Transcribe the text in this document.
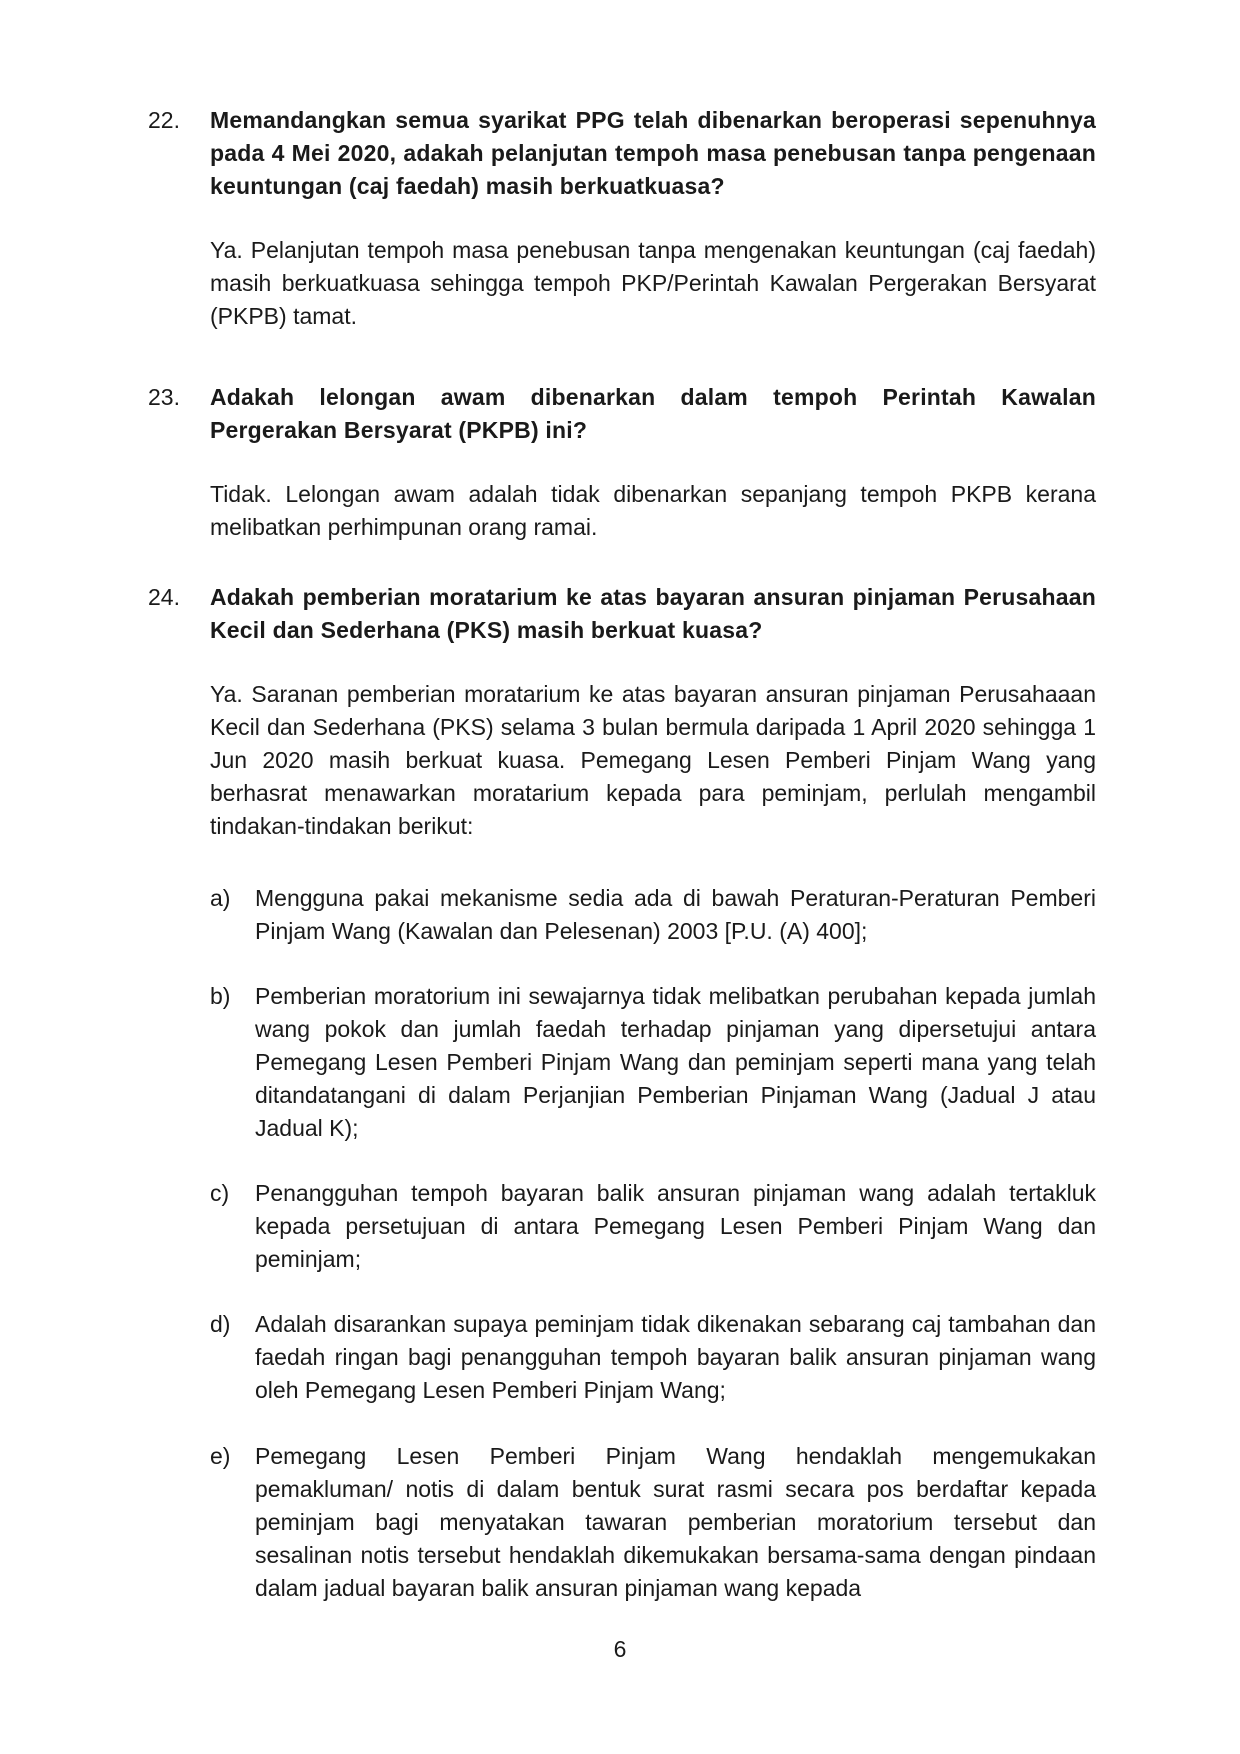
22. Memandangkan semua syarikat PPG telah dibenarkan beroperasi sepenuhnya pada 4 Mei 2020, adakah pelanjutan tempoh masa penebusan tanpa pengenaan keuntungan (caj faedah) masih berkuatkuasa?
Ya. Pelanjutan tempoh masa penebusan tanpa mengenakan keuntungan (caj faedah) masih berkuatkuasa sehingga tempoh PKP/Perintah Kawalan Pergerakan Bersyarat (PKPB) tamat.
23. Adakah lelongan awam dibenarkan dalam tempoh Perintah Kawalan Pergerakan Bersyarat (PKPB) ini?
Tidak. Lelongan awam adalah tidak dibenarkan sepanjang tempoh PKPB kerana melibatkan perhimpunan orang ramai.
24. Adakah pemberian moratarium ke atas bayaran ansuran pinjaman Perusahaan Kecil dan Sederhana (PKS) masih berkuat kuasa?
Ya. Saranan pemberian moratarium ke atas bayaran ansuran pinjaman Perusahaaan Kecil dan Sederhana (PKS) selama 3 bulan bermula daripada 1 April 2020 sehingga 1 Jun 2020 masih berkuat kuasa. Pemegang Lesen Pemberi Pinjam Wang yang berhasrat menawarkan moratarium kepada para peminjam, perlulah mengambil tindakan-tindakan berikut:
a) Mengguna pakai mekanisme sedia ada di bawah Peraturan-Peraturan Pemberi Pinjam Wang (Kawalan dan Pelesenan) 2003 [P.U. (A) 400];
b) Pemberian moratorium ini sewajarnya tidak melibatkan perubahan kepada jumlah wang pokok dan jumlah faedah terhadap pinjaman yang dipersetujui antara Pemegang Lesen Pemberi Pinjam Wang dan peminjam seperti mana yang telah ditandatangani di dalam Perjanjian Pemberian Pinjaman Wang (Jadual J atau Jadual K);
c) Penangguhan tempoh bayaran balik ansuran pinjaman wang adalah tertakluk kepada persetujuan di antara Pemegang Lesen Pemberi Pinjam Wang dan peminjam;
d) Adalah disarankan supaya peminjam tidak dikenakan sebarang caj tambahan dan faedah ringan bagi penangguhan tempoh bayaran balik ansuran pinjaman wang oleh Pemegang Lesen Pemberi Pinjam Wang;
e) Pemegang Lesen Pemberi Pinjam Wang hendaklah mengemukakan pemakluman/ notis di dalam bentuk surat rasmi secara pos berdaftar kepada peminjam bagi menyatakan tawaran pemberian moratorium tersebut dan sesalinan notis tersebut hendaklah dikemukakan bersama-sama dengan pindaan dalam jadual bayaran balik ansuran pinjaman wang kepada
6
